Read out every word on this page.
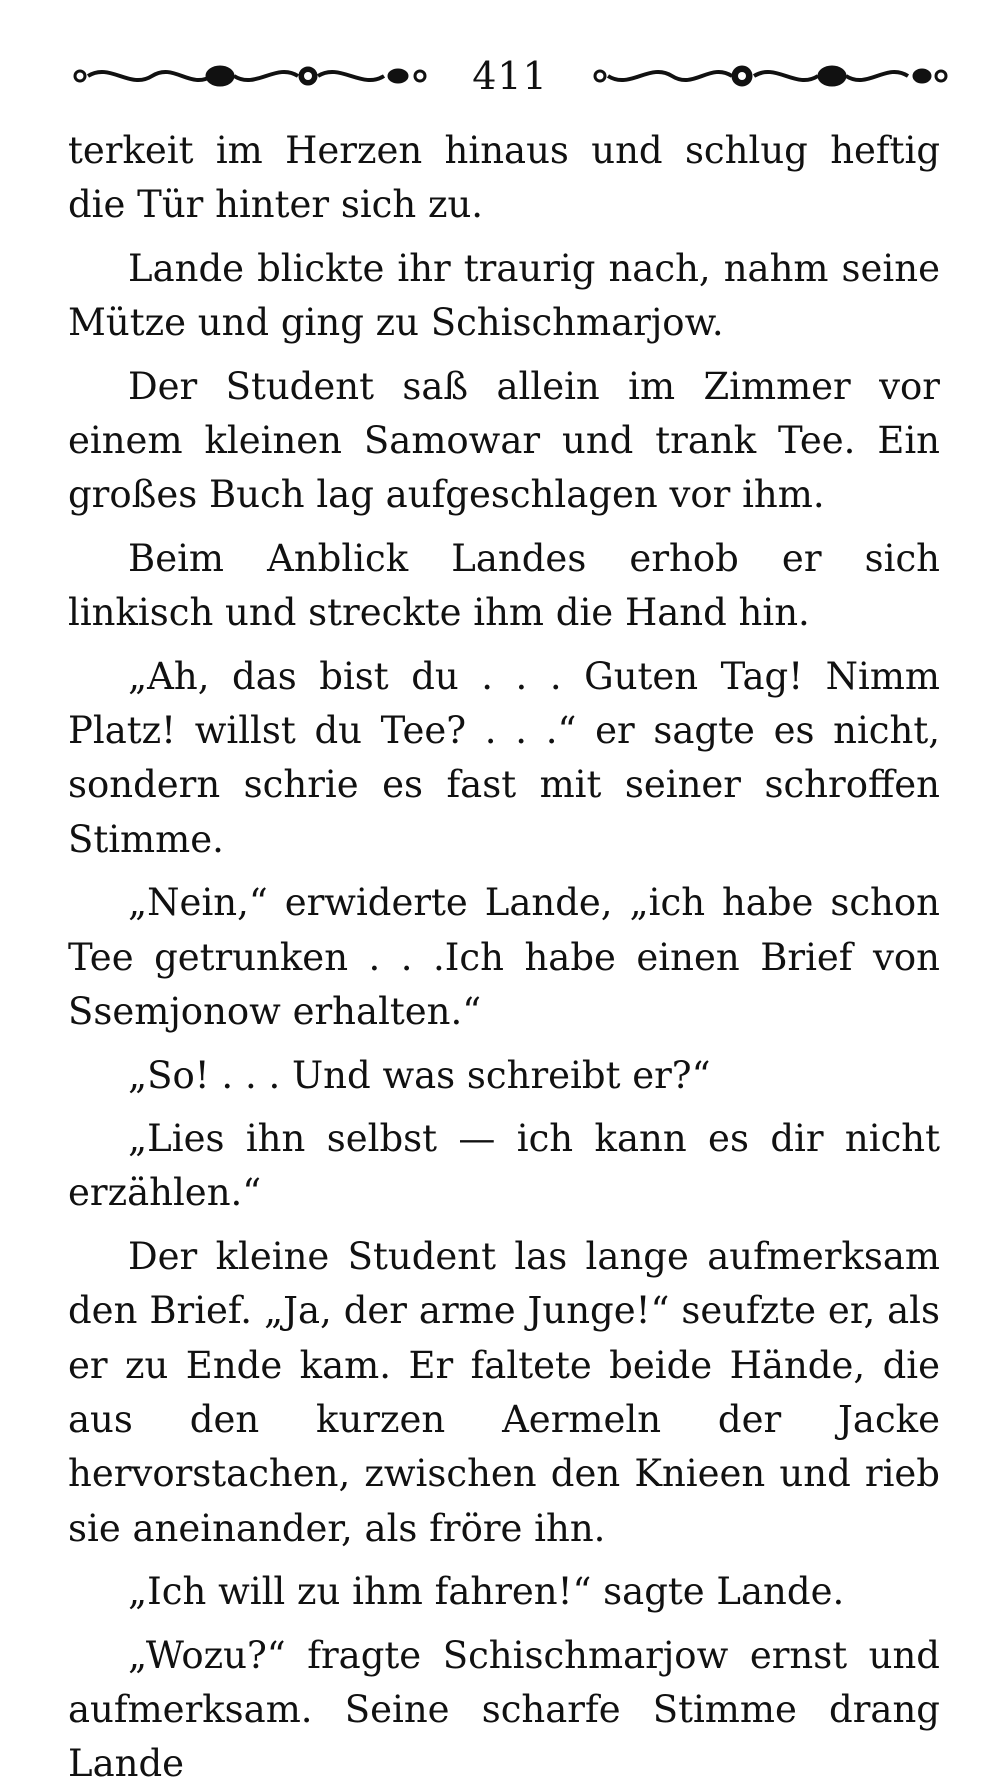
411

terkeit im Herzen hinaus und schlug heftig die Tür hinter sich zu.

Lande blickte ihr traurig nach, nahm seine Mütze und ging zu Schischmarjow.

Der Student saß allein im Zimmer vor einem kleinen Samowar und trank Tee. Ein großes Buch lag aufgeschlagen vor ihm.

Beim Anblick Landes erhob er sich linkisch und streckte ihm die Hand hin.

„Ah, das bist du . . . Guten Tag! Nimm Platz! willst du Tee? . . .“ er sagte es nicht, sondern schrie es fast mit seiner schroffen Stimme.

„Nein,“ erwiderte Lande, „ich habe schon Tee getrunken . . .Ich habe einen Brief von Ssemjonow erhalten.“

„So! . . . Und was schreibt er?“

„Lies ihn selbst — ich kann es dir nicht erzählen.“

Der kleine Student las lange aufmerksam den Brief. „Ja, der arme Junge!“ seufzte er, als er zu Ende kam. Er faltete beide Hände, die aus den kurzen Aermeln der Jacke hervorstachen, zwischen den Knieen und rieb sie aneinander, als fröre ihn.

„Ich will zu ihm fahren!“ sagte Lande.

„Wozu?“ fragte Schischmarjow ernst und aufmerksam. Seine scharfe Stimme drang Lande
